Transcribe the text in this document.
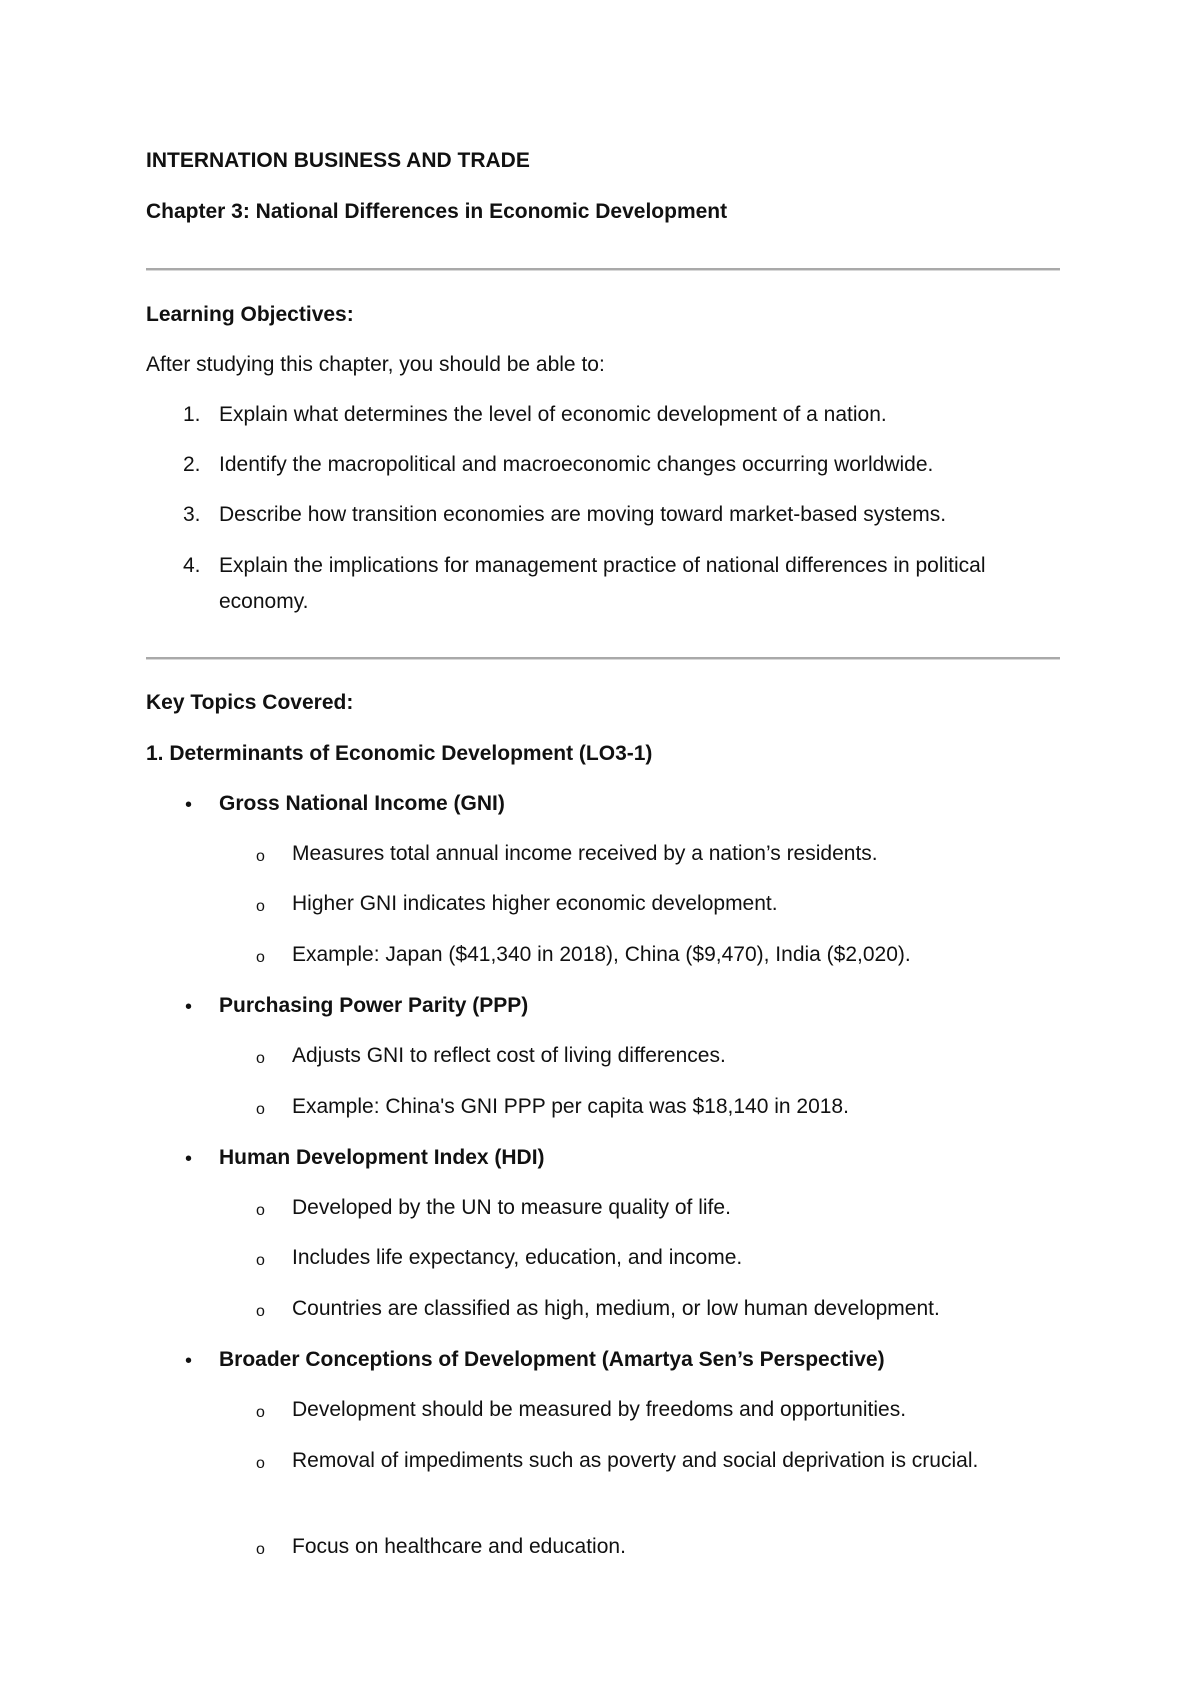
INTERNATION BUSINESS AND TRADE
Chapter 3: National Differences in Economic Development
Learning Objectives:
After studying this chapter, you should be able to:
1. Explain what determines the level of economic development of a nation.
2. Identify the macropolitical and macroeconomic changes occurring worldwide.
3. Describe how transition economies are moving toward market-based systems.
4. Explain the implications for management practice of national differences in political economy.
Key Topics Covered:
1. Determinants of Economic Development (LO3-1)
• Gross National Income (GNI)
o Measures total annual income received by a nation’s residents.
o Higher GNI indicates higher economic development.
o Example: Japan ($41,340 in 2018), China ($9,470), India ($2,020).
• Purchasing Power Parity (PPP)
o Adjusts GNI to reflect cost of living differences.
o Example: China's GNI PPP per capita was $18,140 in 2018.
• Human Development Index (HDI)
o Developed by the UN to measure quality of life.
o Includes life expectancy, education, and income.
o Countries are classified as high, medium, or low human development.
• Broader Conceptions of Development (Amartya Sen’s Perspective)
o Development should be measured by freedoms and opportunities.
o Removal of impediments such as poverty and social deprivation is crucial.
o Focus on healthcare and education.
